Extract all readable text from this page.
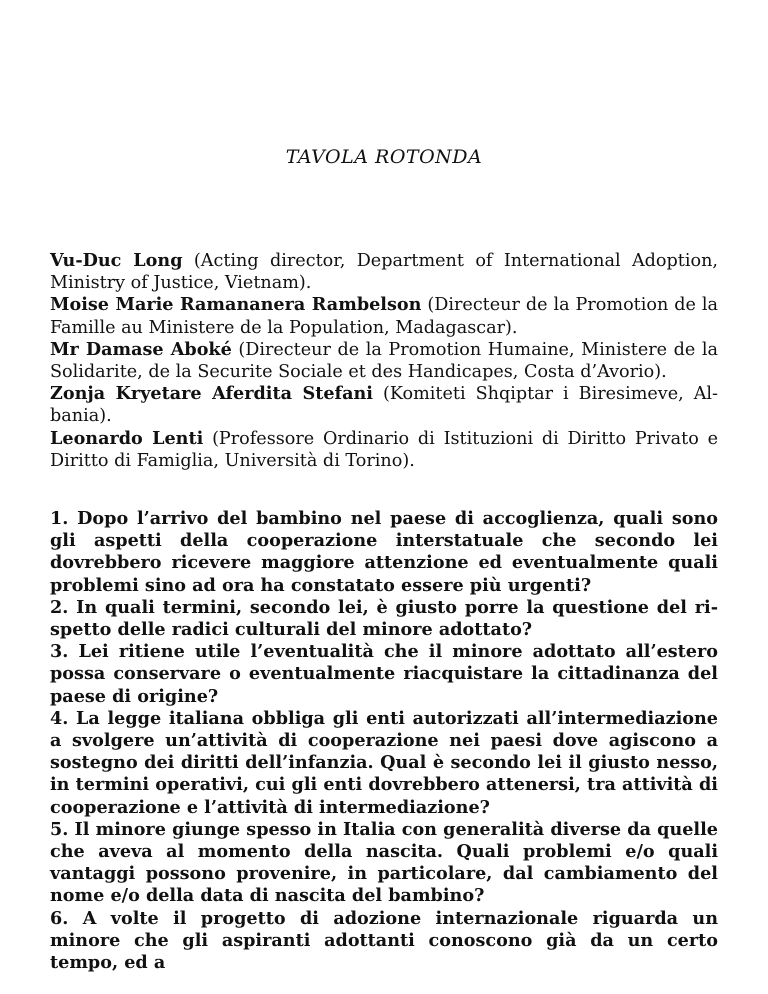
TAVOLA ROTONDA

Vu-Duc Long (Acting director, Department of International Adoption, Ministry of Justice, Vietnam).

Moise Marie Ramananera Rambelson (Directeur de la Promotion de la Famille au Ministere de la Population, Madagascar).

Mr Damase Aboké (Directeur de la Promotion Humaine, Ministere de la Solidarite, de la Securite Sociale et des Handicapes, Costa d’Avorio).

Zonja Kryetare Aferdita Stefani (Komiteti Shqiptar i Biresimeve, Albania).

Leonardo Lenti (Professore Ordinario di Istituzioni di Diritto Privato e Diritto di Famiglia, Università di Torino).

1. Dopo l’arrivo del bambino nel paese di accoglienza, quali sono gli aspetti della cooperazione interstatuale che secondo lei dovrebbero ricevere maggiore attenzione ed eventualmente quali problemi sino ad ora ha constatato essere più urgenti?

2. In quali termini, secondo lei, è giusto porre la questione del rispetto delle radici culturali del minore adottato?

3. Lei ritiene utile l’eventualità che il minore adottato all’estero possa conservare o eventualmente riacquistare la cittadinanza del paese di origine?

4. La legge italiana obbliga gli enti autorizzati all’intermediazione a svolgere un’attività di cooperazione nei paesi dove agiscono a sostegno dei diritti dell’infanzia. Qual è secondo lei il giusto nesso, in termini operativi, cui gli enti dovrebbero attenersi, tra attività di cooperazione e l’attività di intermediazione?

5. Il minore giunge spesso in Italia con generalità diverse da quelle che aveva al momento della nascita. Quali problemi e/o quali vantaggi possono provenire, in particolare, dal cambiamento del nome e/o della data di nascita del bambino?

6. A volte il progetto di adozione internazionale riguarda un minore che gli aspiranti adottanti conoscono già da un certo tempo, ed a
